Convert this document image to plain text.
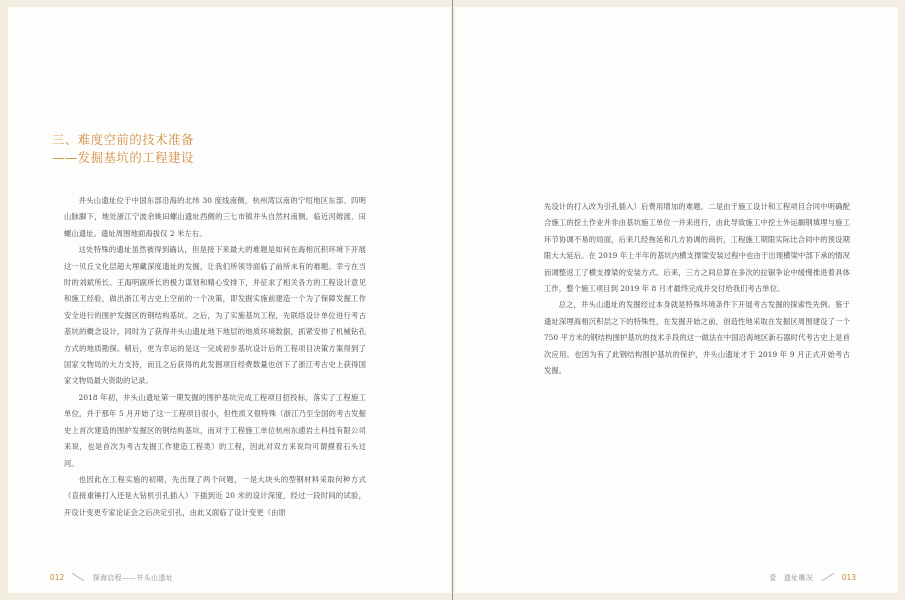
三、难度空前的技术准备
——发掘基坑的工程建设

井头山遗址位于中国东部沿海的北纬 30 度线南侧，杭州湾以南的宁绍地区东部、四明山脉脚下，地处浙江宁波余姚田螺山遗址西侧的三七市镇井头自然村南侧，临近河姆渡、田螺山遗址。遗址周围地面海拔仅 2 米左右。

这处特殊的遗址虽然被得到确认，但是接下来最大的难题是如何在海相沉积环境下开展这一贝丘文化层超大埋藏深度遗址的发掘，让我们所领导面临了前所未有的难题。幸亏在当时的刘斌所长、王海明副所长的极力谋划和精心安排下，并征求了相关各方的工程设计意见和施工经验，做出浙江考古史上空前的一个决策，即发掘实施前建造一个为了保障发掘工作安全进行的围护发掘区的钢结构基坑。之后，为了实施基坑工程，先联络设计单位进行考古基坑的概念设计，同时为了获得井头山遗址地下地层的地质环境数据，抓紧安排了机械钻孔方式的地质勘探。稍后，更为幸运的是这一完成初步基坑设计后的工程项目决策方案得到了国家文物局的大力支持，而且之后获得的此发掘项目经费数量也创下了浙江考古史上获得国家文物局最大资助的记录。

2018 年初，井头山遗址第一期发掘的围护基坑完成工程项目招投标，落实了工程施工单位，并于那年 5 月开始了这一工程项目很小，但性质又很特殊（浙江乃至全国的考古发掘史上首次建造的围护发掘区的钢结构基坑，而对于工程施工单位杭州东逋岩土科技有限公司来说，也是首次为考古发掘工作建造工程类）的工程，因此对双方来说均可谓摸着石头过河。

也因此在工程实施的初期，先出现了两个问题，一是大块头的型钢材料采取何种方式（直接重锤打入还是大钻机引孔插入）下插到近 20 米的设计深度，经过一段时间的试验，开设计变更专家论证会之后决定引孔，由此又面临了设计变更（由原

012	探海启程——井头山遗址

先设计的打入改为引孔插入）后费用增加的难题。二是由于施工设计和工程项目合同中明确配合施工的挖土作业并非由基坑施工单位一并来进行，由此导致施工中挖土外运搁钢填埋与施工环节协调不易的局面，后来几经拖延和几方协调的商折，工程施工期限实际比合同中的预设期限大大延后。在 2019 年上半年的基坑内横支撑梁安装过程中也由于出现横梁中部下承的情况而调整返工了横支撑梁的安装方式。后来，三方之间总算在多次的拉锯争论中缓慢推进着具体工作，整个施工项目到 2019 年 8 月才最终完成并交付给我们考古单位。

总之，井头山遗址的发掘经过本身就是特殊环境条件下开展考古发掘的探索性先例。鉴于遗址深埋海相沉积层之下的特殊性，在发掘开始之前，创造性地采取在发掘区周围建设了一个 750 平方米的钢结构围护基坑的技术手段的这一做法在中国沿海地区新石器时代考古史上是首次应用。也因为有了此钢结构围护基坑的保护，井头山遗址才于 2019 年 9 月正式开始考古发掘。

壹　遗址概况	013
